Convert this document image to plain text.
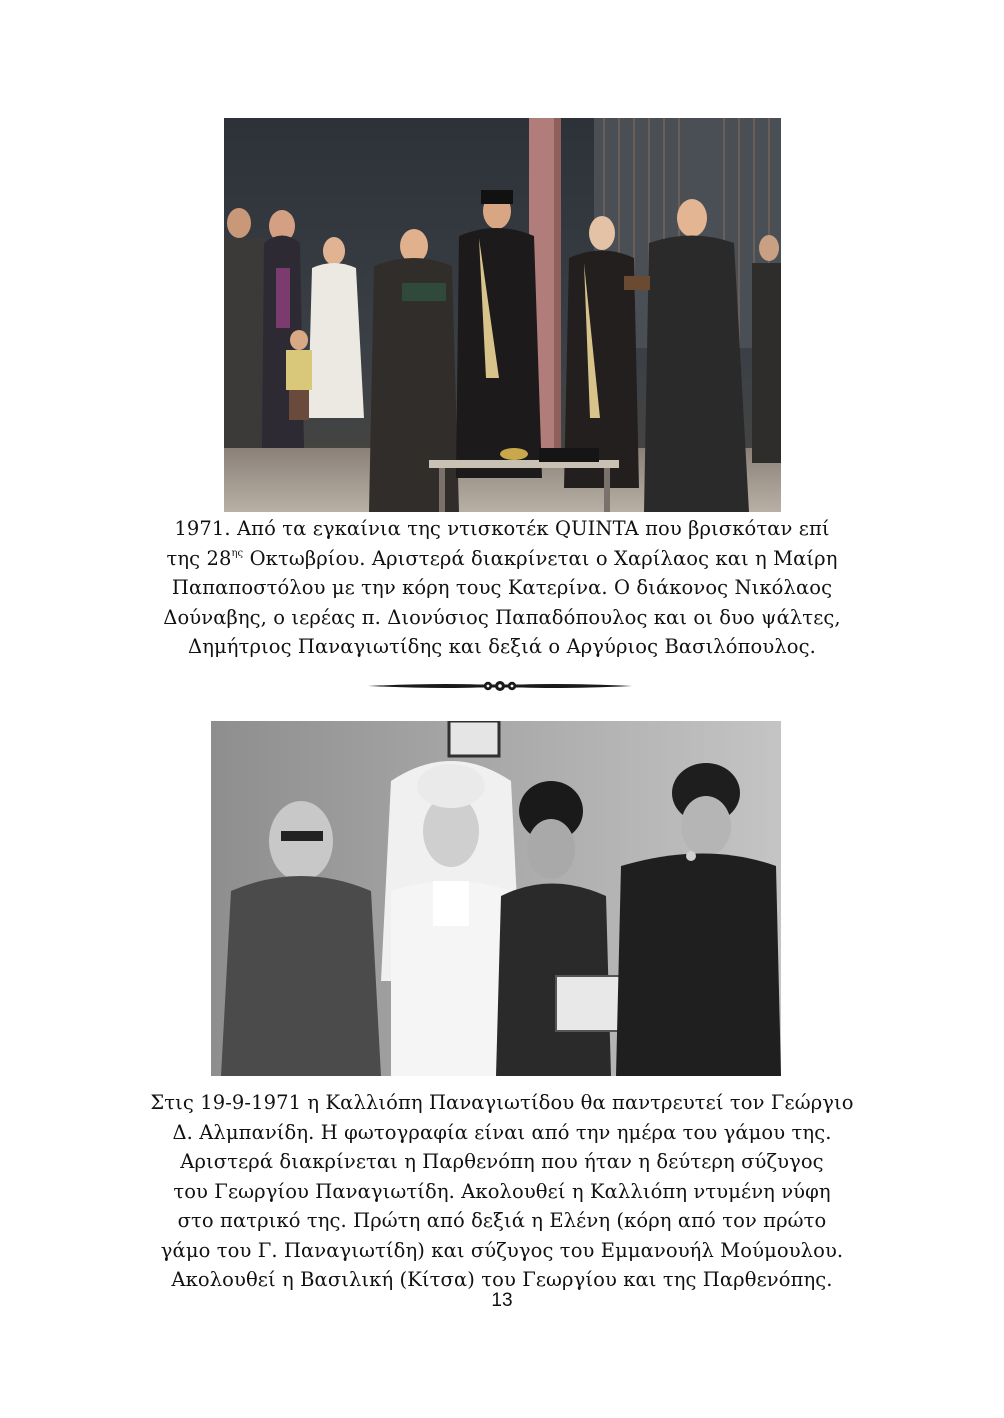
1971. Από τα εγκαίνια της ντισκοτέκ QUINTA που βρισκόταν επί
της $28^{\eta\varsigma}$ Οκτωβρίου. Αριστερά διακρίνεται ο Χαρίλαος και η Μαίρη
Παπαποστόλου με την κόρη τους Κατερίνα. Ο διάκονος Νικόλαος
Δούναβης, ο ιερέας π. Διονύσιος Παπαδόπουλος και οι δυο ψάλτες,
Δημήτριος Παναγιωτίδης και δεξιά ο Αργύριος Βασιλόπουλος.
Στις 19-9-1971 η Καλλιόπη Παναγιωτίδου θα παντρευτεί τον Γεώργιο
Δ. Αλμπανίδη. Η φωτογραφία είναι από την ημέρα του γάμου της.
Αριστερά διακρίνεται η Παρθενόπη που ήταν η δεύτερη σύζυγος
του Γεωργίου Παναγιωτίδη. Ακολουθεί η Καλλιόπη ντυμένη νύφη
στο πατρικό της. Πρώτη από δεξιά η Ελένη (κόρη από τον πρώτο
γάμο του Γ. Παναγιωτίδη) και σύζυγος του Εμμανουήλ Μούμουλου.
Ακολουθεί η Βασιλική (Κίτσα) του Γεωργίου και της Παρθενόπης.
13
